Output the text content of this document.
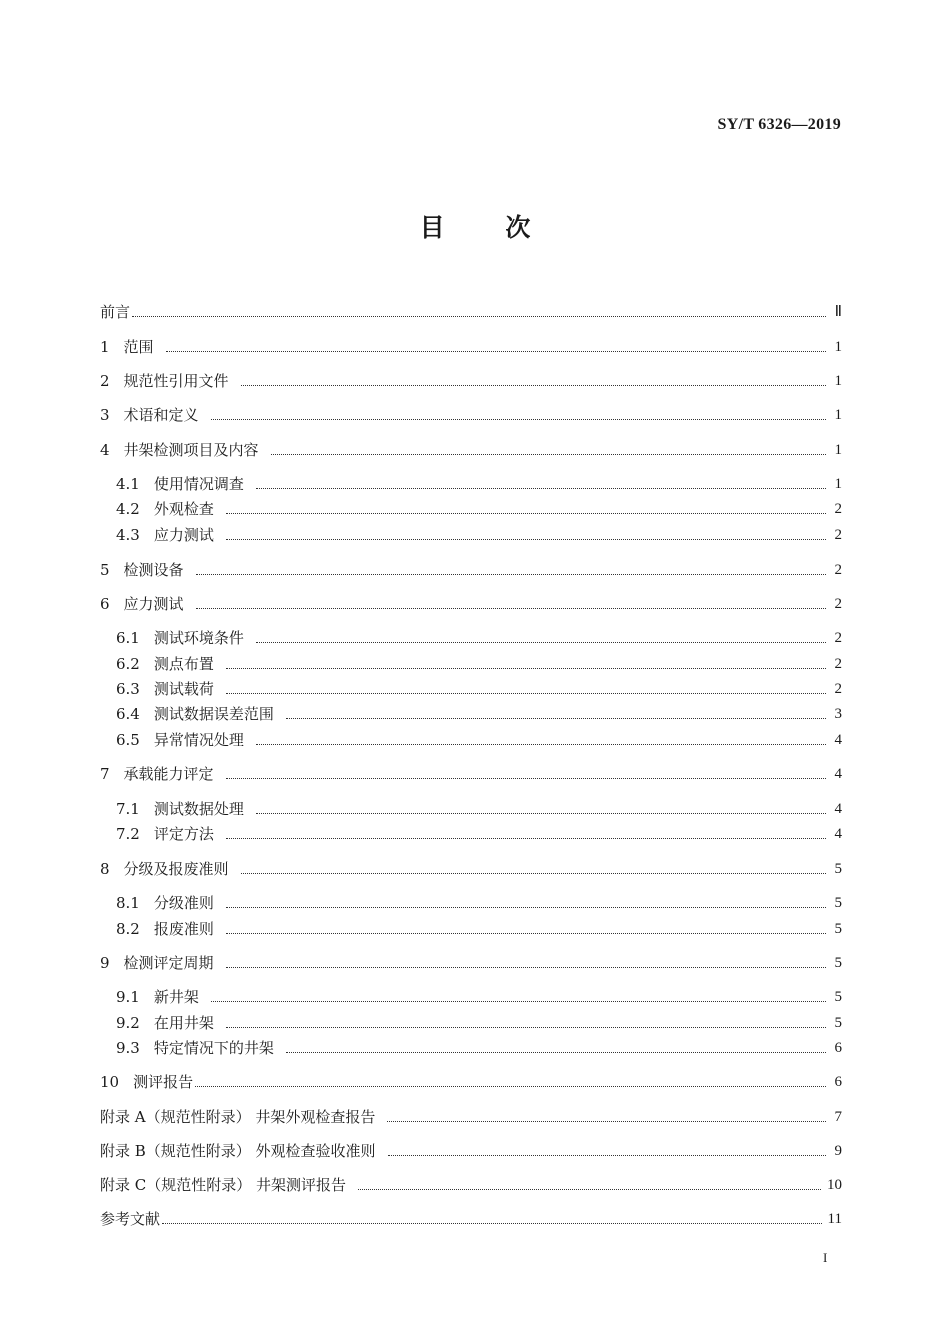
SY/T 6326—2019
目 次
前言	Ⅱ
1 范围	1
2 规范性引用文件	1
3 术语和定义	1
4 井架检测项目及内容	1
4.1 使用情况调查	1
4.2 外观检查	2
4.3 应力测试	2
5 检测设备	2
6 应力测试	2
6.1 测试环境条件	2
6.2 测点布置	2
6.3 测试载荷	2
6.4 测试数据误差范围	3
6.5 异常情况处理	4
7 承载能力评定	4
7.1 测试数据处理	4
7.2 评定方法	4
8 分级及报废准则	5
8.1 分级准则	5
8.2 报废准则	5
9 检测评定周期	5
9.1 新井架	5
9.2 在用井架	5
9.3 特定情况下的井架	6
10 测评报告	6
附录 A（规范性附录） 井架外观检查报告	7
附录 B（规范性附录） 外观检查验收准则	9
附录 C（规范性附录） 井架测评报告	10
参考文献	11
I
